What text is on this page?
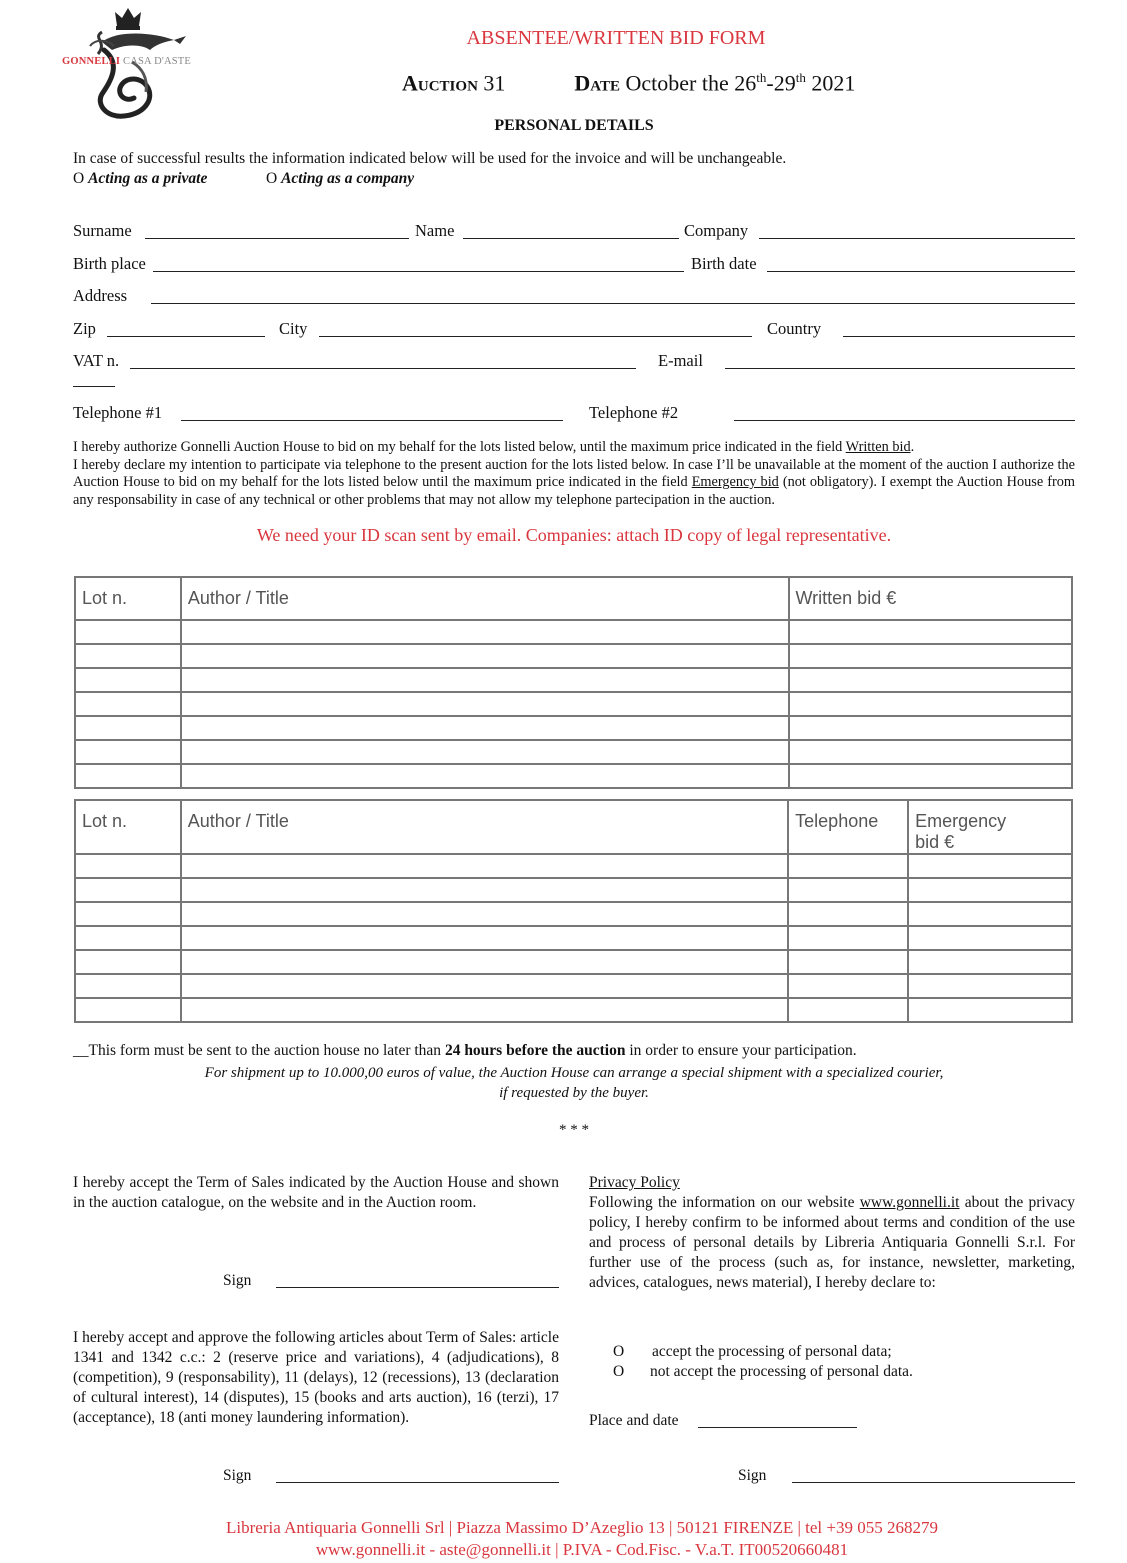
GONNELLI CASA D'ASTE
ABSENTEE/WRITTEN BID FORM
Auction 31	Date October the 26th-29th 2021
PERSONAL DETAILS
In case of successful results the information indicated below will be used for the invoice and will be unchangeable.
O Acting as a private	O Acting as a company
Surname	Name	Company
Birth place	Birth date
Address
Zip	City	Country
VAT n.	E-mail
Telephone #1	Telephone #2
I hereby authorize Gonnelli Auction House to bid on my behalf for the lots listed below, until the maximum price indicated in the field Written bid.
I hereby declare my intention to participate via telephone to the present auction for the lots listed below. In case I’ll be unavailable at the moment of the auction I authorize the Auction House to bid on my behalf for the lots listed below until the maximum price indicated in the field Emergency bid (not obligatory). I exempt the Auction House from any responsability in case of any technical or other problems that may not allow my telephone partecipation in the auction.
We need your ID scan sent by email. Companies: attach ID copy of legal representative.
Lot n.	Author / Title	Written bid €

Lot n.	Author / Title	Telephone	Emergency bid €

__This form must be sent to the auction house no later than 24 hours before the auction in order to ensure your participation.
For shipment up to 10.000,00 euros of value, the Auction House can arrange a special shipment with a specialized courier,
if requested by the buyer.
* * *
I hereby accept the Term of Sales indicated by the Auction House and shown in the auction catalogue, on the website and in the Auction room.
Sign
I hereby accept and approve the following articles about Term of Sales: article 1341 and 1342 c.c.: 2 (reserve price and variations), 4 (adjudications), 8 (competition), 9 (responsability), 11 (delays), 12 (recessions), 13 (declaration of cultural interest), 14 (disputes), 15 (books and arts auction), 16 (terzi), 17 (acceptance), 18 (anti money laundering information).
Sign
Privacy Policy
Following the information on our website www.gonnelli.it about the privacy policy, I hereby confirm to be informed about terms and condition of the use and process of personal details by Libreria Antiquaria Gonnelli S.r.l. For further use of the process (such as, for instance, newsletter, marketing, advices, catalogues, news material), I hereby declare to:
O accept the processing of personal data;
O not accept the processing of personal data.
Place and date
Sign
Libreria Antiquaria Gonnelli Srl | Piazza Massimo D’Azeglio 13 | 50121 FIRENZE | tel +39 055 268279
www.gonnelli.it - aste@gonnelli.it | P.IVA - Cod.Fisc. - V.a.T. IT00520660481
